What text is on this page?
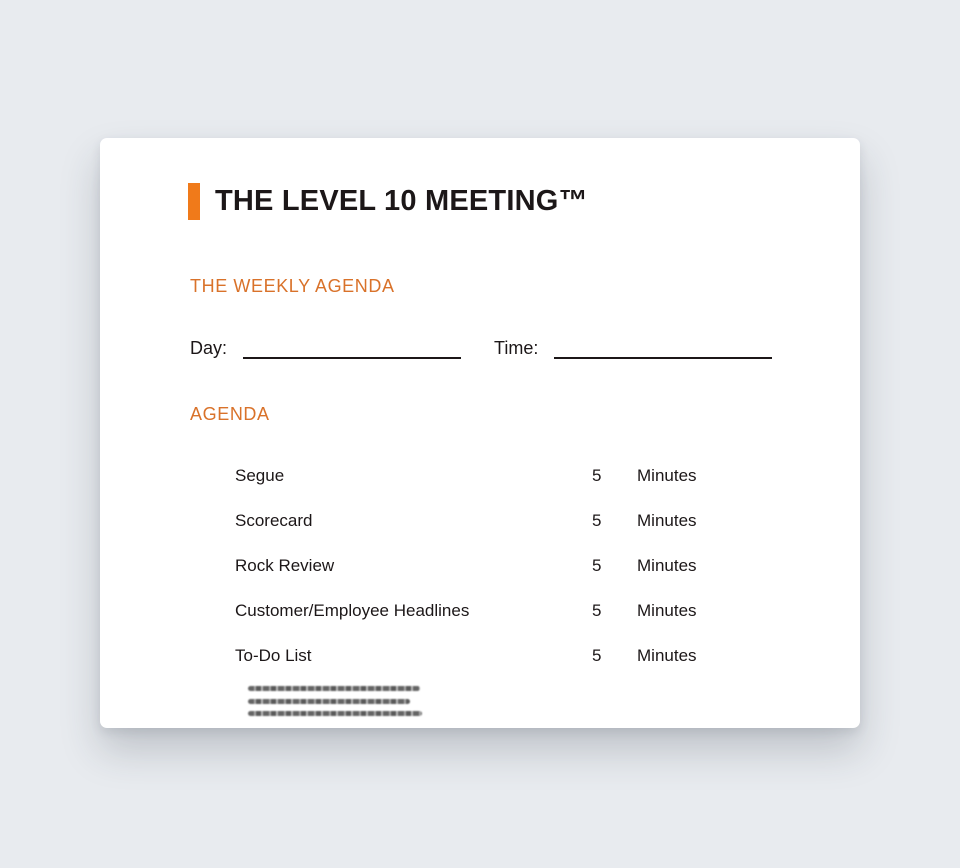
THE LEVEL 10 MEETING™
THE WEEKLY AGENDA
Day:	Time:
AGENDA
Segue	5 Minutes
Scorecard	5 Minutes
Rock Review	5 Minutes
Customer/Employee Headlines	5 Minutes
To-Do List	5 Minutes
